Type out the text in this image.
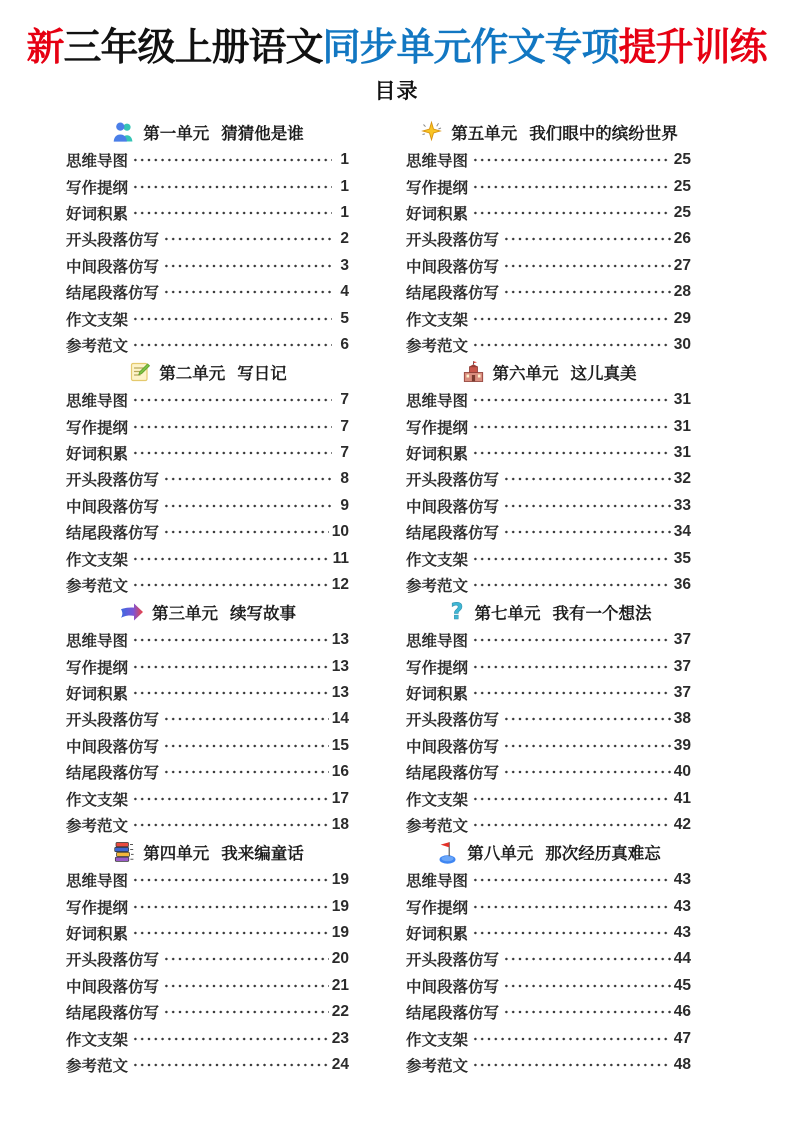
新三年级上册语文同步单元作文专项提升训练
目录
第一单元 猜猜他是谁
思维导图	1
写作提纲	1
好词积累	1
开头段落仿写	2
中间段落仿写	3
结尾段落仿写	4
作文支架	5
参考范文	6
第二单元 写日记
思维导图	7
写作提纲	7
好词积累	7
开头段落仿写	8
中间段落仿写	9
结尾段落仿写	10
作文支架	11
参考范文	12
第三单元 续写故事
思维导图	13
写作提纲	13
好词积累	13
开头段落仿写	14
中间段落仿写	15
结尾段落仿写	16
作文支架	17
参考范文	18
第四单元 我来编童话
思维导图	19
写作提纲	19
好词积累	19
开头段落仿写	20
中间段落仿写	21
结尾段落仿写	22
作文支架	23
参考范文	24
第五单元 我们眼中的缤纷世界
思维导图	25
写作提纲	25
好词积累	25
开头段落仿写	26
中间段落仿写	27
结尾段落仿写	28
作文支架	29
参考范文	30
第六单元 这儿真美
思维导图	31
写作提纲	31
好词积累	31
开头段落仿写	32
中间段落仿写	33
结尾段落仿写	34
作文支架	35
参考范文	36
? 第七单元 我有一个想法
思维导图	37
写作提纲	37
好词积累	37
开头段落仿写	38
中间段落仿写	39
结尾段落仿写	40
作文支架	41
参考范文	42
第八单元 那次经历真难忘
思维导图	43
写作提纲	43
好词积累	43
开头段落仿写	44
中间段落仿写	45
结尾段落仿写	46
作文支架	47
参考范文	48
